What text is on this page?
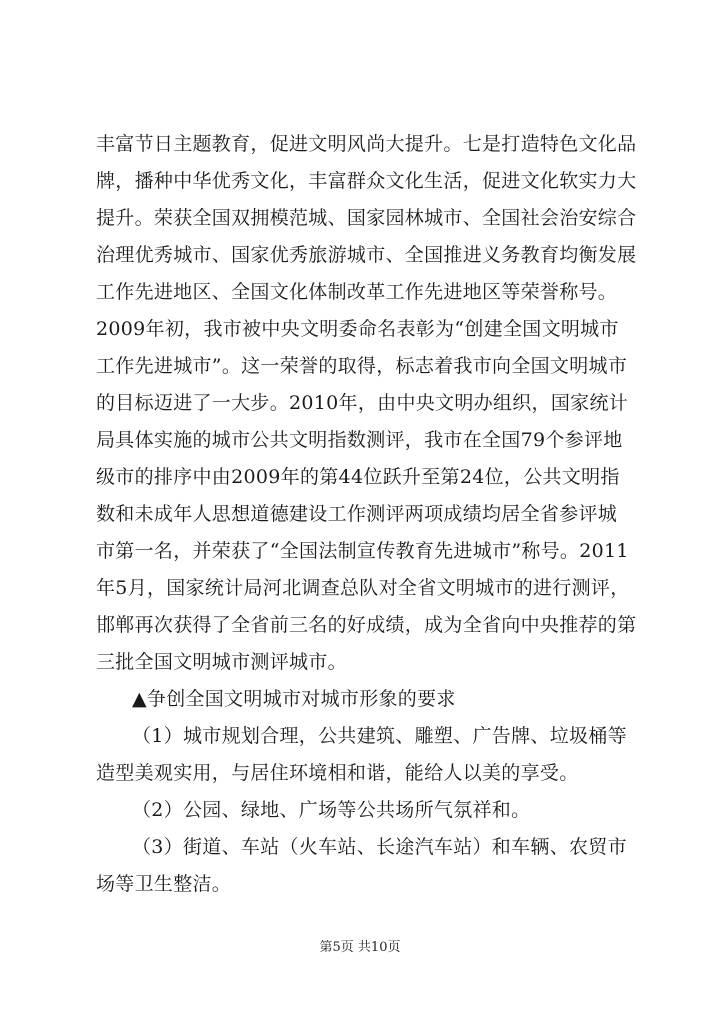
丰富节日主题教育，促进文明风尚大提升。七是打造特色文化品
牌，播种中华优秀文化，丰富群众文化生活，促进文化软实力大
提升。荣获全国双拥模范城、国家园林城市、全国社会治安综合
治理优秀城市、国家优秀旅游城市、全国推进义务教育均衡发展
工作先进地区、全国文化体制改革工作先进地区等荣誉称号。
2009年初，我市被中央文明委命名表彰为“创建全国文明城市
工作先进城市”。这一荣誉的取得，标志着我市向全国文明城市
的目标迈进了一大步。2010年，由中央文明办组织，国家统计
局具体实施的城市公共文明指数测评，我市在全国79个参评地
级市的排序中由2009年的第44位跃升至第24位，公共文明指
数和未成年人思想道德建设工作测评两项成绩均居全省参评城
市第一名，并荣获了“全国法制宣传教育先进城市”称号。2011
年5月，国家统计局河北调查总队对全省文明城市的进行测评，
邯郸再次获得了全省前三名的好成绩，成为全省向中央推荐的第
三批全国文明城市测评城市。
▲争创全国文明城市对城市形象的要求
（1）城市规划合理，公共建筑、雕塑、广告牌、垃圾桶等
造型美观实用，与居住环境相和谐，能给人以美的享受。
（2）公园、绿地、广场等公共场所气氛祥和。
（3）街道、车站（火车站、长途汽车站）和车辆、农贸市
场等卫生整洁。
第5页 共10页
